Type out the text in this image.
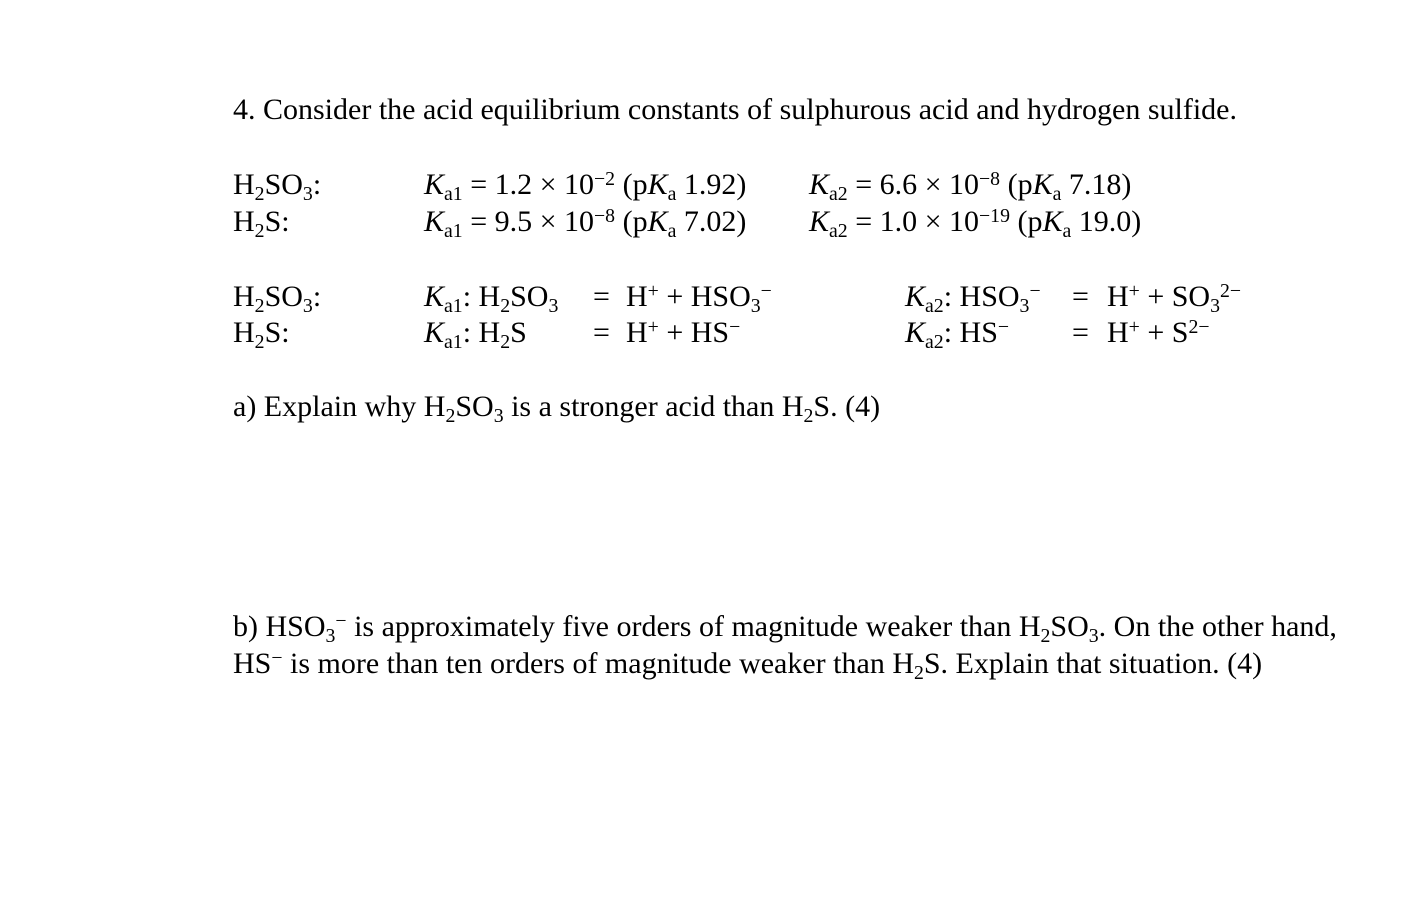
4. Consider the acid equilibrium constants of sulphurous acid and hydrogen sulfide.
$H_2SO_3$:	$K_{a1} = 1.2 \times 10^{-2}$ ($pK_a$ 1.92) $K_{a2} = 6.6 \times 10^{-8}$ ($pK_a$ 7.18)
$H_2S$:	$K_{a1} = 9.5 \times 10^{-8}$ ($pK_a$ 7.02) $K_{a2} = 1.0 \times 10^{-19}$ ($pK_a$ 19.0)
$H_2SO_3$:	$K_{a1}$: $H_2SO_3 = H^+ + HSO_3^-$	$K_{a2}$: $HSO_3^- = H^+ + SO_3^{2-}$
$H_2S$:	$K_{a1}$: $H_2S = H^+ + HS^-$	$K_{a2}$: $HS^- = H^+ + S^{2-}$
a) Explain why $H_2SO_3$ is a stronger acid than $H_2S$. (4)
b) $HSO_3^-$ is approximately five orders of magnitude weaker than $H_2SO_3$. On the other hand, HS− is more than ten orders of magnitude weaker than $H_2S$. Explain that situation. (4)
